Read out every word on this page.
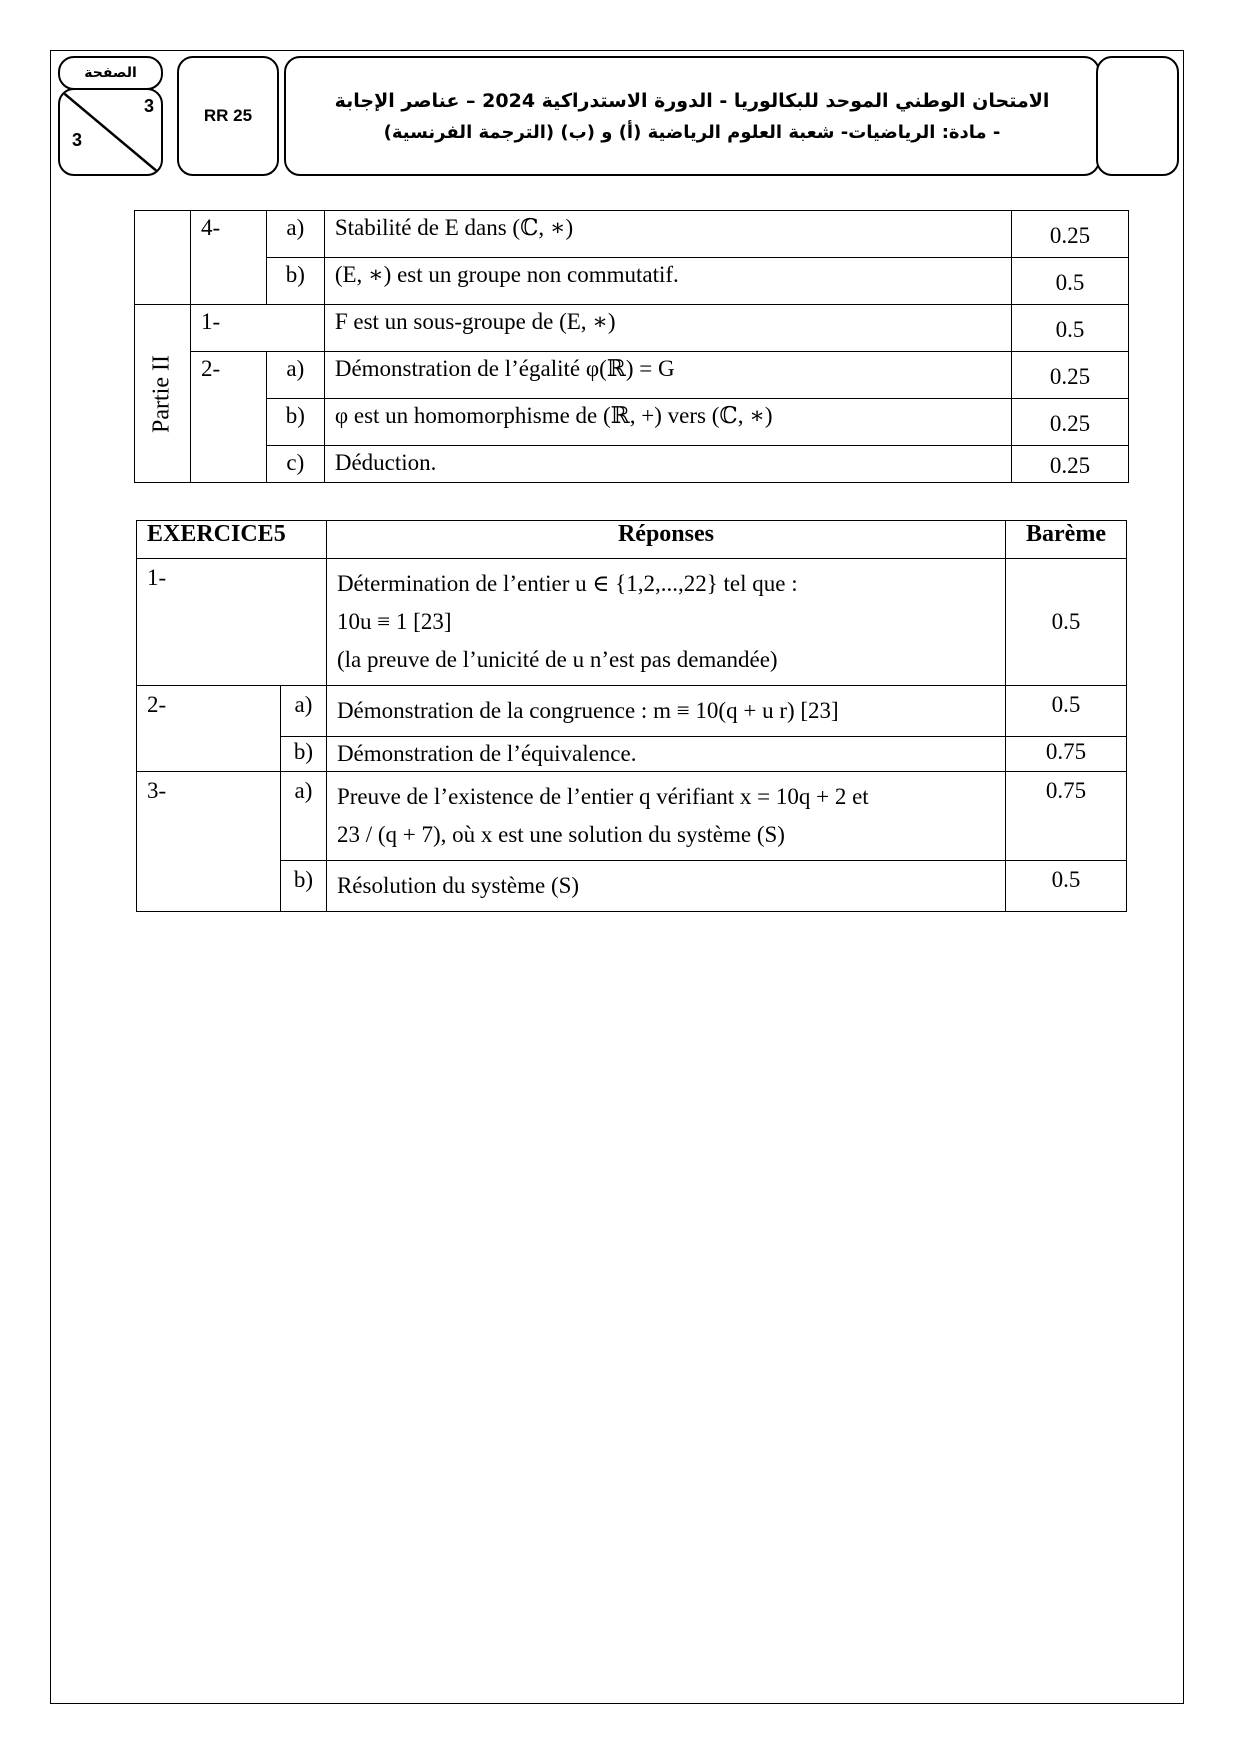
الصفحة
3
3
RR 25
الامتحان الوطني الموحد للبكالوريا - الدورة الاستدراكية 2024 – عناصر الإجابة
- مادة: الرياضيات- شعبة العلوم الرياضية (أ) و (ب) (الترجمة الفرنسية)
	4-	a)	Stabilité de E dans (ℂ, ∗)	0.25
		b)	(E, ∗) est un groupe non commutatif.	0.5

Partie II	1-		F est un sous-groupe de (E, ∗)	0.5
	2-	a)	Démonstration de l’égalité φ(ℝ) = G	0.25
		b)	φ est un homomorphisme de (ℝ, +) vers (ℂ, ∗)	0.25
		c)	Déduction.	0.25
EXERCICE5		Réponses	Barème
1-		Détermination de l’entier u ∈ {1,2,...,22} tel que :
10u ≡ 1 [23]
(la preuve de l’unicité de u n’est pas demandée)	0.5
2-	a)	Démonstration de la congruence : m ≡ 10(q + u r) [23]	0.5
	b)	Démonstration de l’équivalence.	0.75
3-	a)	Preuve de l’existence de l’entier q vérifiant x = 10q + 2 et
23 / (q + 7), où x est une solution du système (S)	0.75
	b)	Résolution du système (S)	0.5
